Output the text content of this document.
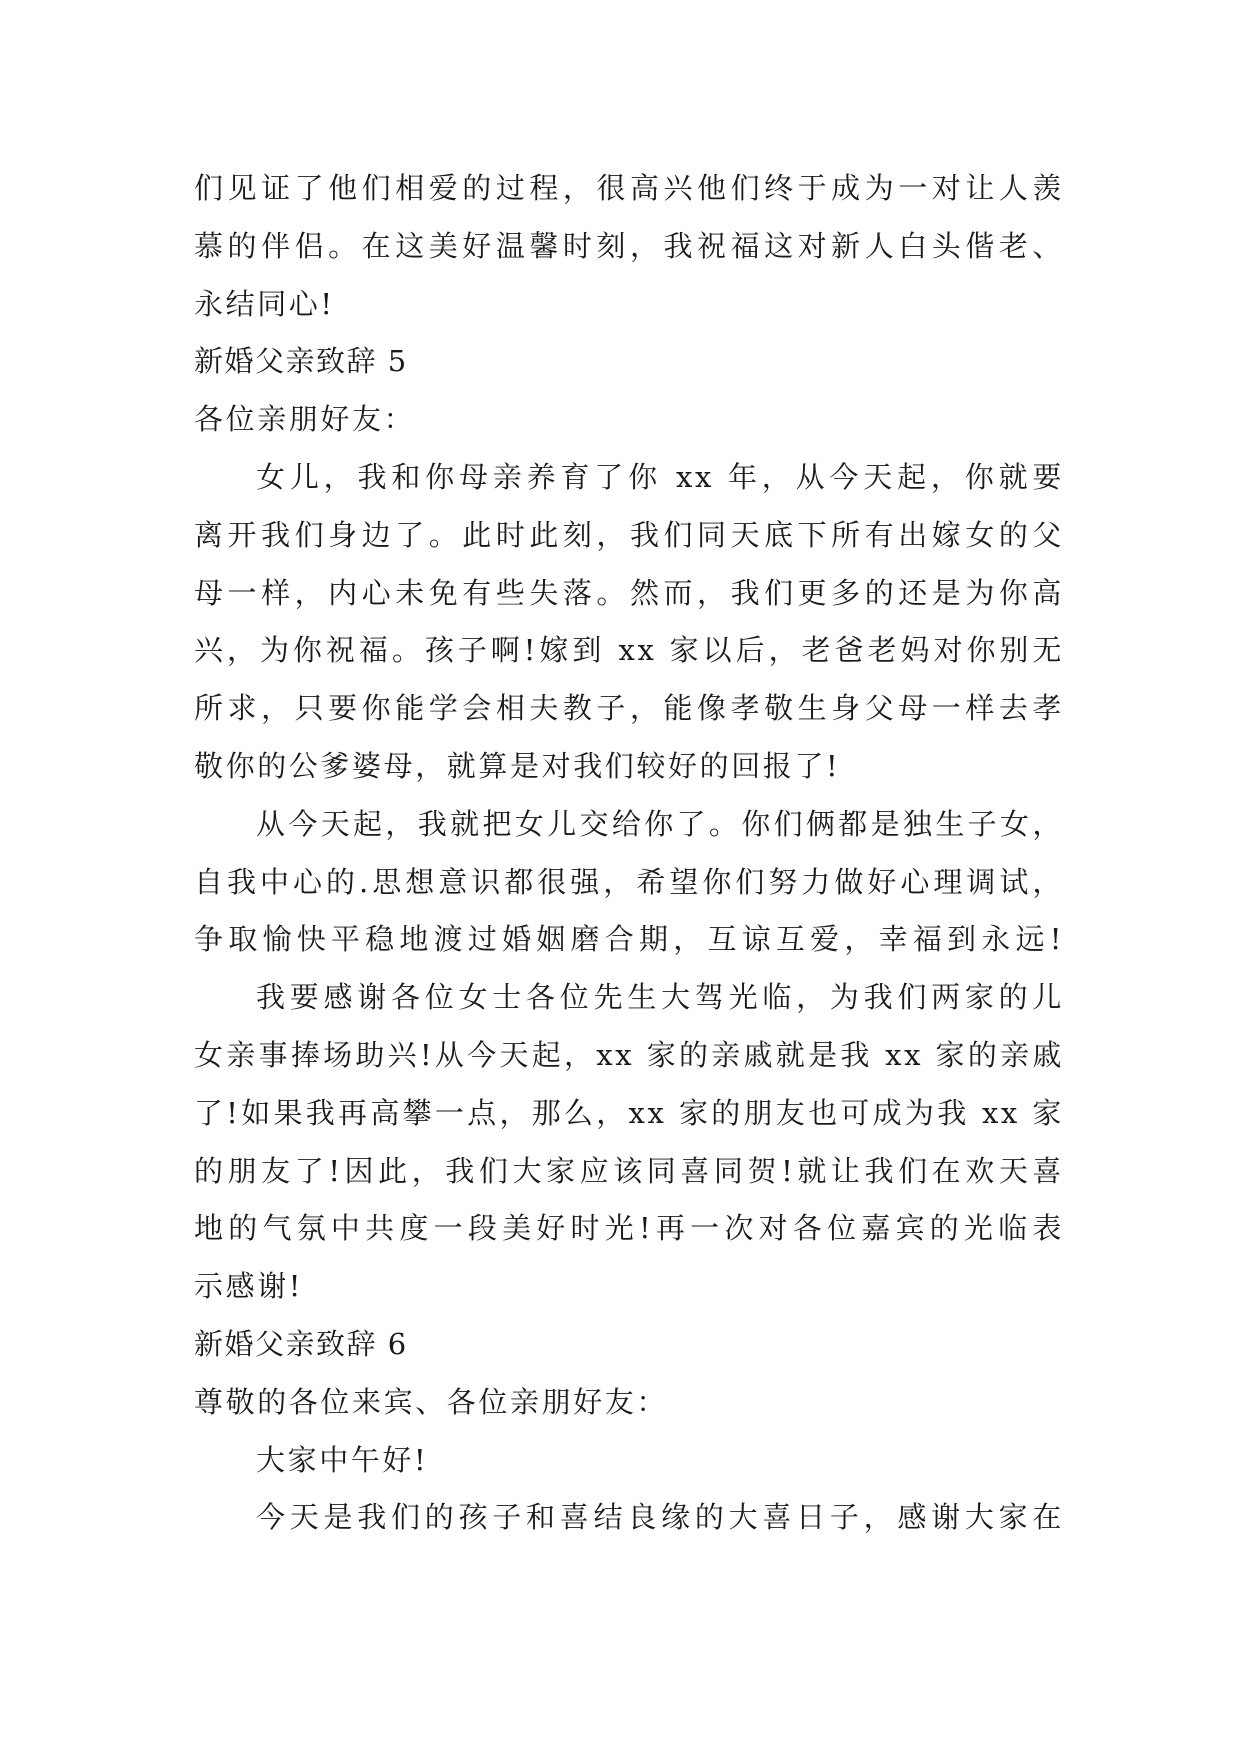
们见证了他们相爱的过程，很高兴他们终于成为一对让人羡
慕的伴侣。在这美好温馨时刻，我祝福这对新人白头偕老、
永结同心!
新婚父亲致辞 5
各位亲朋好友：
女儿，我和你母亲养育了你 xx 年，从今天起，你就要
离开我们身边了。此时此刻，我们同天底下所有出嫁女的父
母一样，内心未免有些失落。然而，我们更多的还是为你高
兴，为你祝福。孩子啊!嫁到 xx 家以后，老爸老妈对你别无
所求，只要你能学会相夫教子，能像孝敬生身父母一样去孝
敬你的公爹婆母，就算是对我们较好的回报了!
从今天起，我就把女儿交给你了。你们俩都是独生子女，
自我中心的.思想意识都很强，希望你们努力做好心理调试，
争取愉快平稳地渡过婚姻磨合期，互谅互爱，幸福到永远!
我要感谢各位女士各位先生大驾光临，为我们两家的儿
女亲事捧场助兴!从今天起，xx 家的亲戚就是我 xx 家的亲戚
了!如果我再高攀一点，那么，xx 家的朋友也可成为我 xx 家
的朋友了!因此，我们大家应该同喜同贺!就让我们在欢天喜
地的气氛中共度一段美好时光!再一次对各位嘉宾的光临表
示感谢!
新婚父亲致辞 6
尊敬的各位来宾、各位亲朋好友：
大家中午好!
今天是我们的孩子和喜结良缘的大喜日子，感谢大家在
